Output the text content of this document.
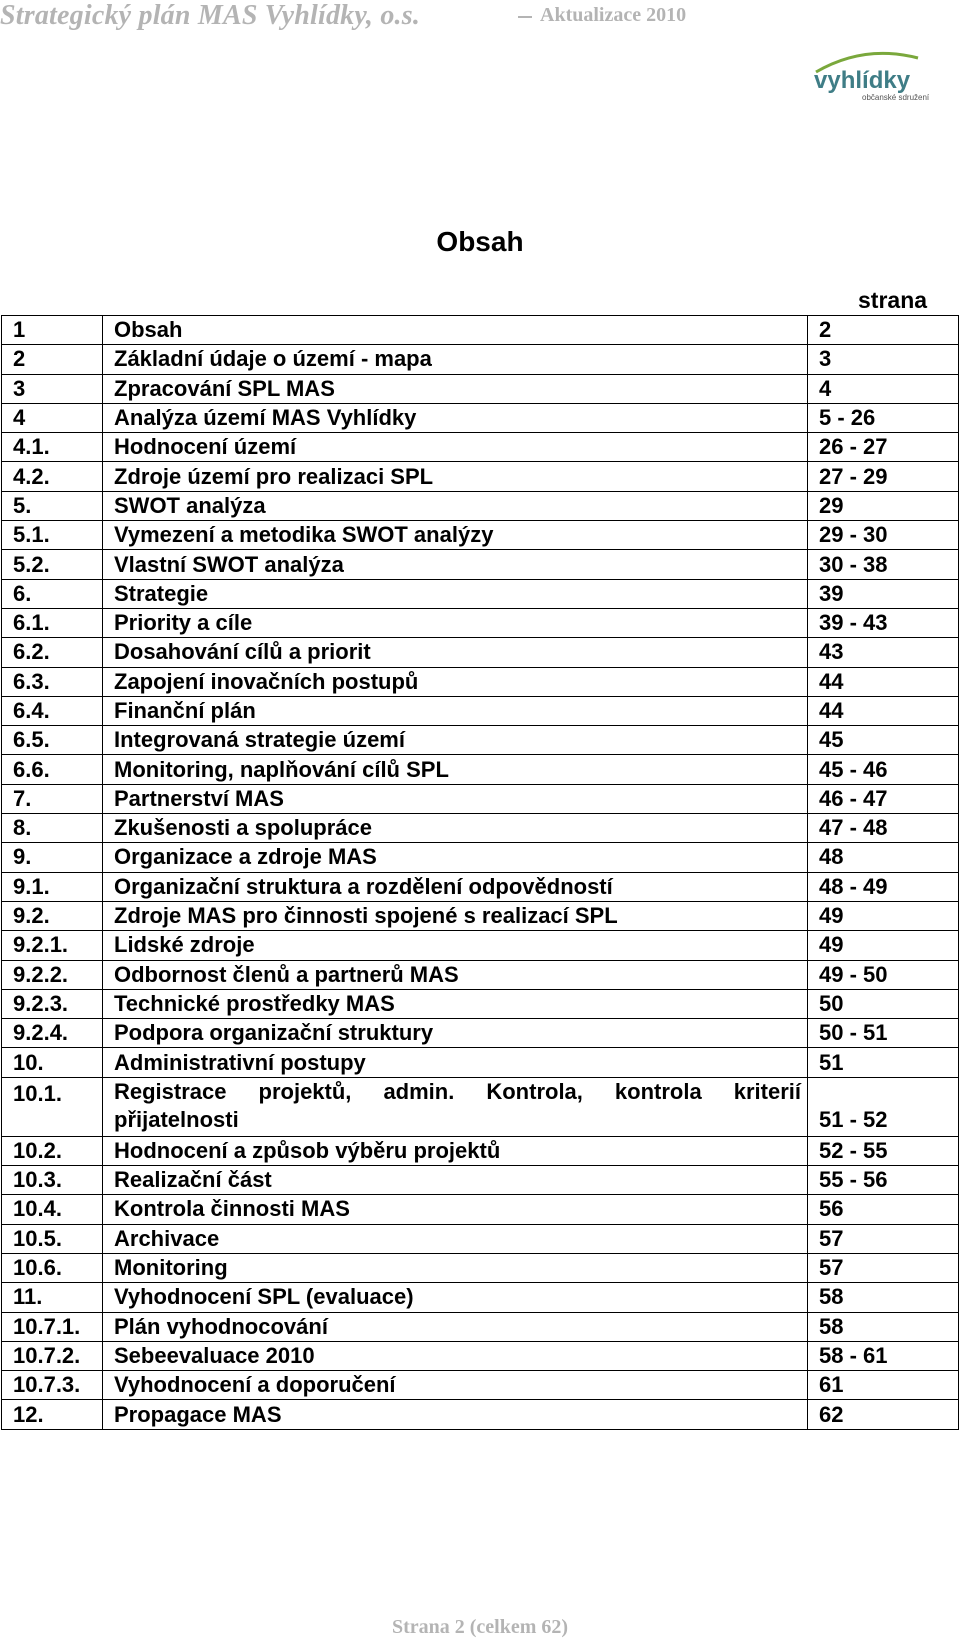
Strategický plán MAS Vyhlídky, o.s.	Aktualizace 2010
vyhlídky
občanské sdružení
Obsah
strana
1	Obsah	2
2	Základní údaje o území - mapa	3
3	Zpracování SPL MAS	4
4	Analýza území MAS Vyhlídky	5 - 26
4.1.	Hodnocení území	26 - 27
4.2.	Zdroje území pro realizaci SPL	27 - 29
5.	SWOT analýza	29
5.1.	Vymezení a metodika SWOT analýzy	29 - 30
5.2.	Vlastní SWOT analýza	30 - 38
6.	Strategie	39
6.1.	Priority a cíle	39 - 43
6.2.	Dosahování cílů a priorit	43
6.3.	Zapojení inovačních postupů	44
6.4.	Finanční plán	44
6.5.	Integrovaná strategie území	45
6.6.	Monitoring, naplňování cílů SPL	45 - 46
7.	Partnerství MAS	46 - 47
8.	Zkušenosti a spolupráce	47 - 48
9.	Organizace a zdroje MAS	48
9.1.	Organizační struktura a rozdělení odpovědností	48 - 49
9.2.	Zdroje MAS pro činnosti spojené s realizací SPL	49
9.2.1.	Lidské zdroje	49
9.2.2.	Odbornost členů a partnerů MAS	49 - 50
9.2.3.	Technické prostředky MAS	50
9.2.4.	Podpora organizační struktury	50 - 51
10.	Administrativní postupy	51
10.1.	Registrace projektů, admin. Kontrola, kontrola kriterií přijatelnosti	51 - 52
10.2.	Hodnocení a způsob výběru projektů	52 - 55
10.3.	Realizační část	55 - 56
10.4.	Kontrola činnosti MAS	56
10.5.	Archivace	57
10.6.	Monitoring	57
11.	Vyhodnocení SPL (evaluace)	58
10.7.1.	Plán vyhodnocování	58
10.7.2.	Sebeevaluace 2010	58 - 61
10.7.3.	Vyhodnocení a doporučení	61
12.	Propagace MAS	62
Strana 2 (celkem 62)
